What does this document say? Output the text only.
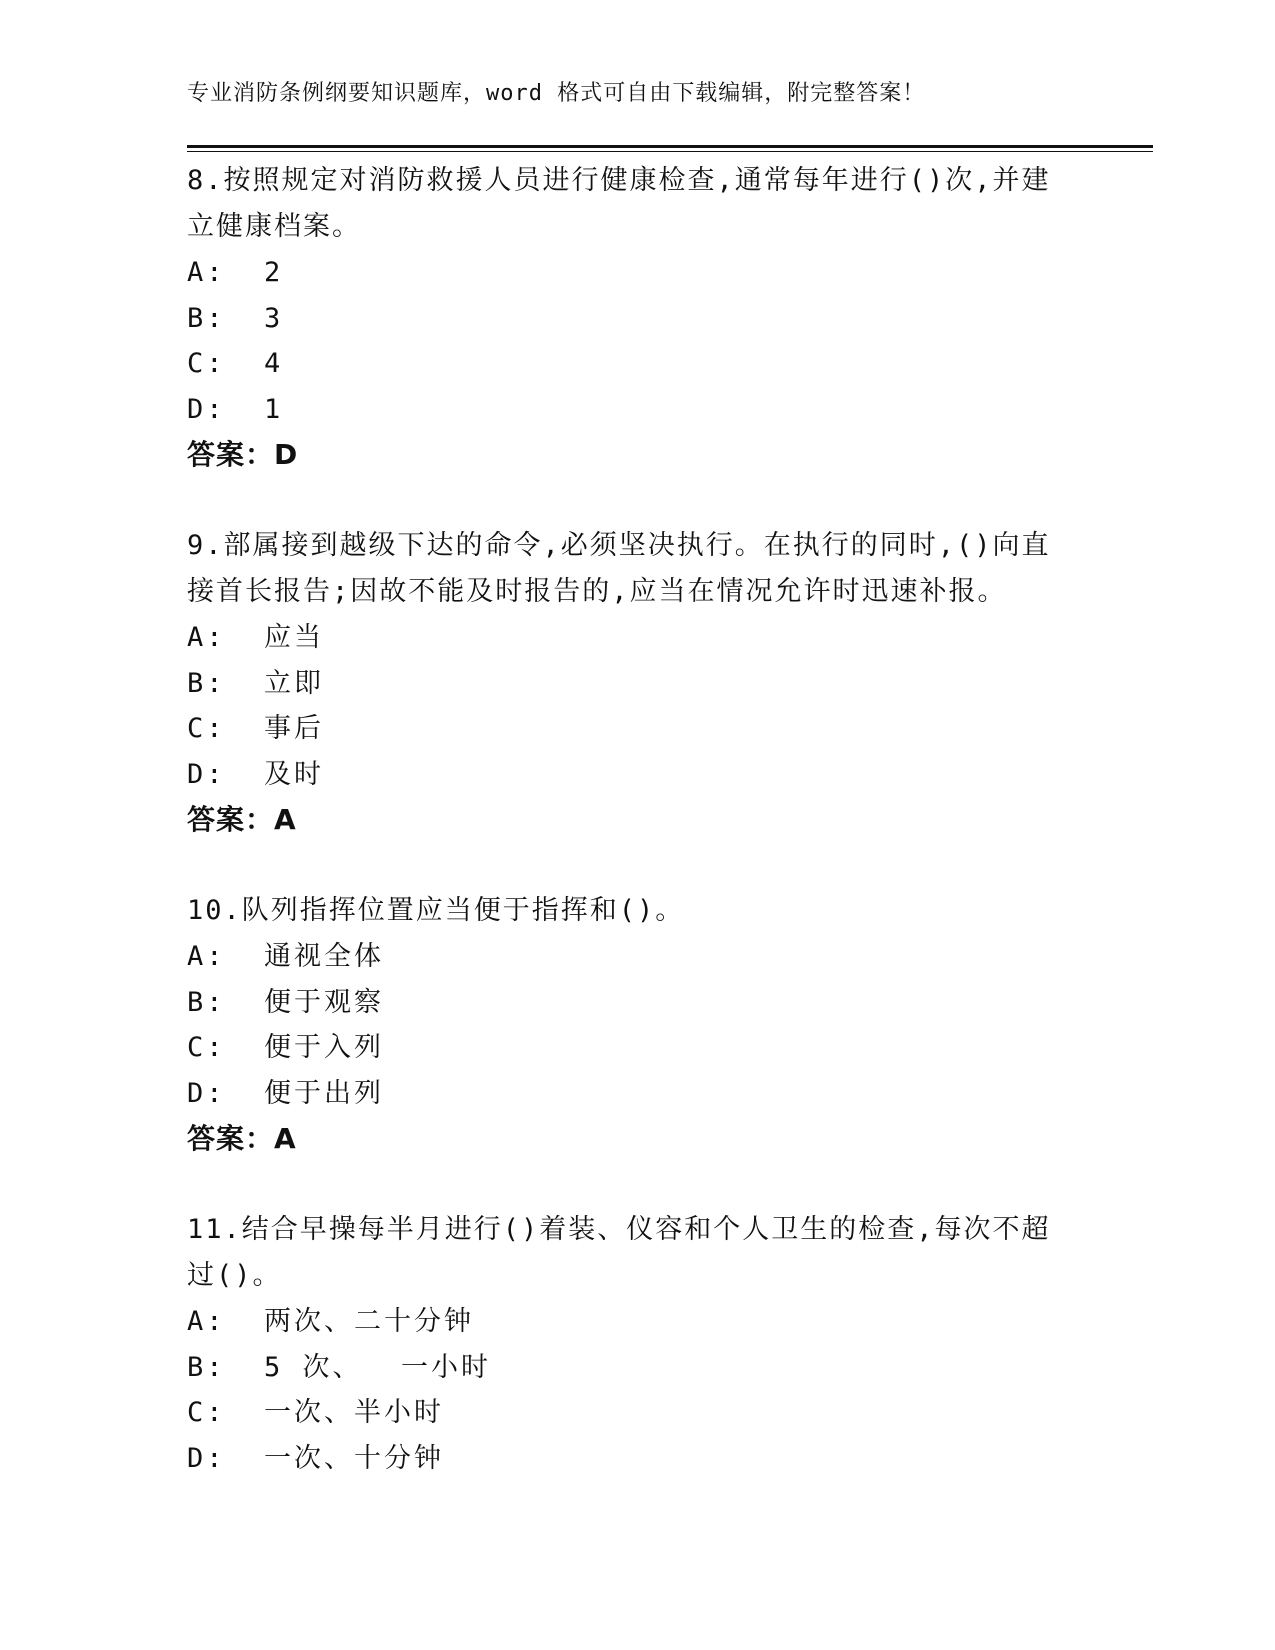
专业消防条例纲要知识题库，word 格式可自由下载编辑，附完整答案！

8.按照规定对消防救援人员进行健康检查,通常每年进行()次,并建立健康档案。

A:  2

B:  3

C:  4

D:  1

答案：D

9.部属接到越级下达的命令,必须坚决执行。在执行的同时,()向直接首长报告;因故不能及时报告的,应当在情况允许时迅速补报。

A:  应当

B:  立即

C:  事后

D:  及时

答案：A

10.队列指挥位置应当便于指挥和()。

A:  通视全体

B:  便于观察

C:  便于入列

D:  便于出列

答案：A

11.结合早操每半月进行()着装、仪容和个人卫生的检查,每次不超过()。

A:  两次、二十分钟

B:  5 次、  一小时

C:  一次、半小时

D:  一次、十分钟
